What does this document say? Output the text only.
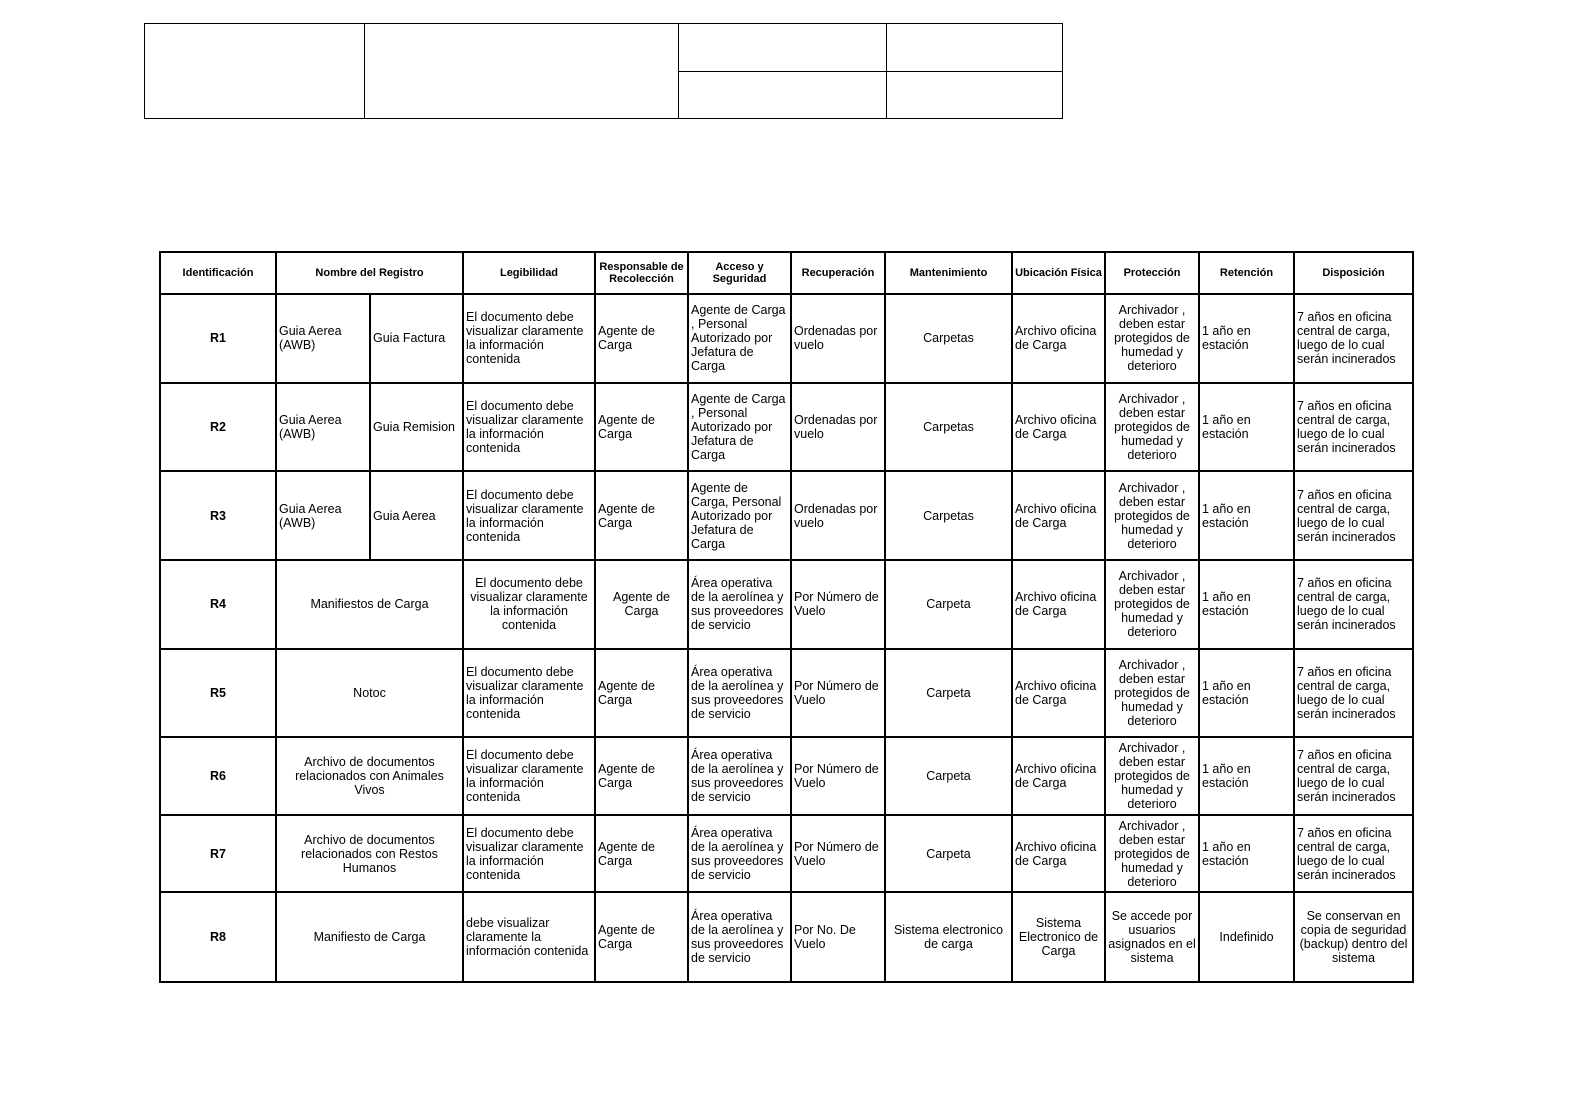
Identificación	Nombre del Registro		Legibilidad	Responsable de Recolección	Acceso y Seguridad	Recuperación	Mantenimiento	Ubicación Física	Protección	Retención	Disposición
R1	Guia Aerea (AWB)	Guia Factura	El documento debe visualizar claramente la información contenida	Agente de Carga	Agente de Carga , Personal Autorizado por Jefatura de Carga	Ordenadas por vuelo	Carpetas	Archivo oficina de Carga	Archivador , deben estar protegidos de humedad y deterioro	1 año en estación	7 años en oficina central de carga, luego de lo cual serán incinerados
R2	Guia Aerea (AWB)	Guia Remision	El documento debe visualizar claramente la información contenida	Agente de Carga	Agente de Carga , Personal Autorizado por Jefatura de Carga	Ordenadas por vuelo	Carpetas	Archivo oficina de Carga	Archivador , deben estar protegidos de humedad y deterioro	1 año en estación	7 años en oficina central de carga, luego de lo cual serán incinerados
R3	Guia Aerea (AWB)	Guia Aerea	El documento debe visualizar claramente la información contenida	Agente de Carga	Agente de Carga, Personal Autorizado por Jefatura de Carga	Ordenadas por vuelo	Carpetas	Archivo oficina de Carga	Archivador , deben estar protegidos de humedad y deterioro	1 año en estación	7 años en oficina central de carga, luego de lo cual serán incinerados
R4	Manifiestos de Carga		El documento debe visualizar claramente la información contenida	Agente de Carga	Área operativa de la aerolínea y sus proveedores de servicio	Por Número de Vuelo	Carpeta	Archivo oficina de Carga	Archivador , deben estar protegidos de humedad y deterioro	1 año en estación	7 años en oficina central de carga, luego de lo cual serán incinerados
R5	Notoc		El documento debe visualizar claramente la información contenida	Agente de Carga	Área operativa de la aerolínea y sus proveedores de servicio	Por Número de Vuelo	Carpeta	Archivo oficina de Carga	Archivador , deben estar protegidos de humedad y deterioro	1 año en estación	7 años en oficina central de carga, luego de lo cual serán incinerados
R6	Archivo de documentos relacionados con Animales Vivos		El documento debe visualizar claramente la información contenida	Agente de Carga	Área operativa de la aerolínea y sus proveedores de servicio	Por Número de Vuelo	Carpeta	Archivo oficina de Carga	Archivador , deben estar protegidos de humedad y deterioro	1 año en estación	7 años en oficina central de carga, luego de lo cual serán incinerados
R7	Archivo de documentos relacionados con Restos Humanos		El documento debe visualizar claramente la información contenida	Agente de Carga	Área operativa de la aerolínea y sus proveedores de servicio	Por Número de Vuelo	Carpeta	Archivo oficina de Carga	Archivador , deben estar protegidos de humedad y deterioro	1 año en estación	7 años en oficina central de carga, luego de lo cual serán incinerados
R8	Manifiesto de Carga		debe visualizar claramente la información contenida	Agente de Carga	Área operativa de la aerolínea y sus proveedores de servicio	Por No. De Vuelo	Sistema electronico de carga	Sistema Electronico de Carga	Se accede por usuarios asignados en el sistema	Indefinido	Se conservan en copia de seguridad (backup) dentro del sistema
